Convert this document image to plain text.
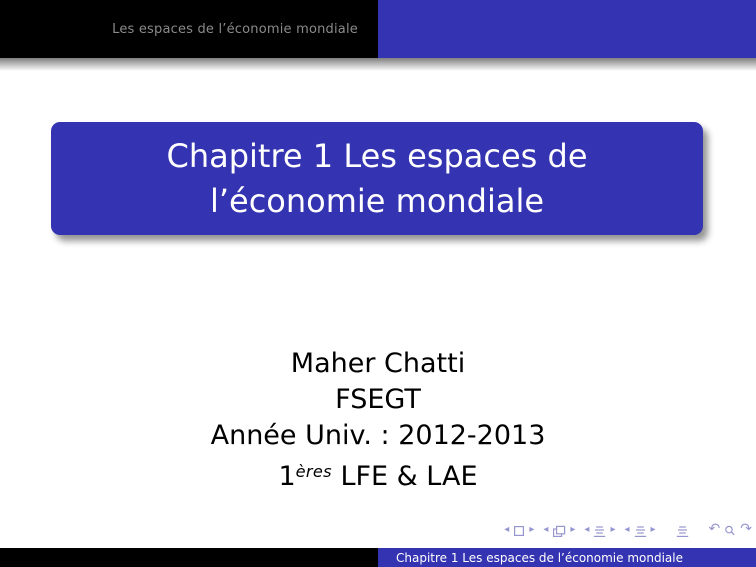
Les espaces de l’économie mondiale
Chapitre 1 Les espaces de
l’économie mondiale
Maher Chatti
FSEGT
Année Univ. : 2012-2013
1ères LFE & LAE
◂ ▸ ◂ ▸ ◂ ▸ ◂ ▸	↶ ↷
Chapitre 1 Les espaces de l’économie mondiale
